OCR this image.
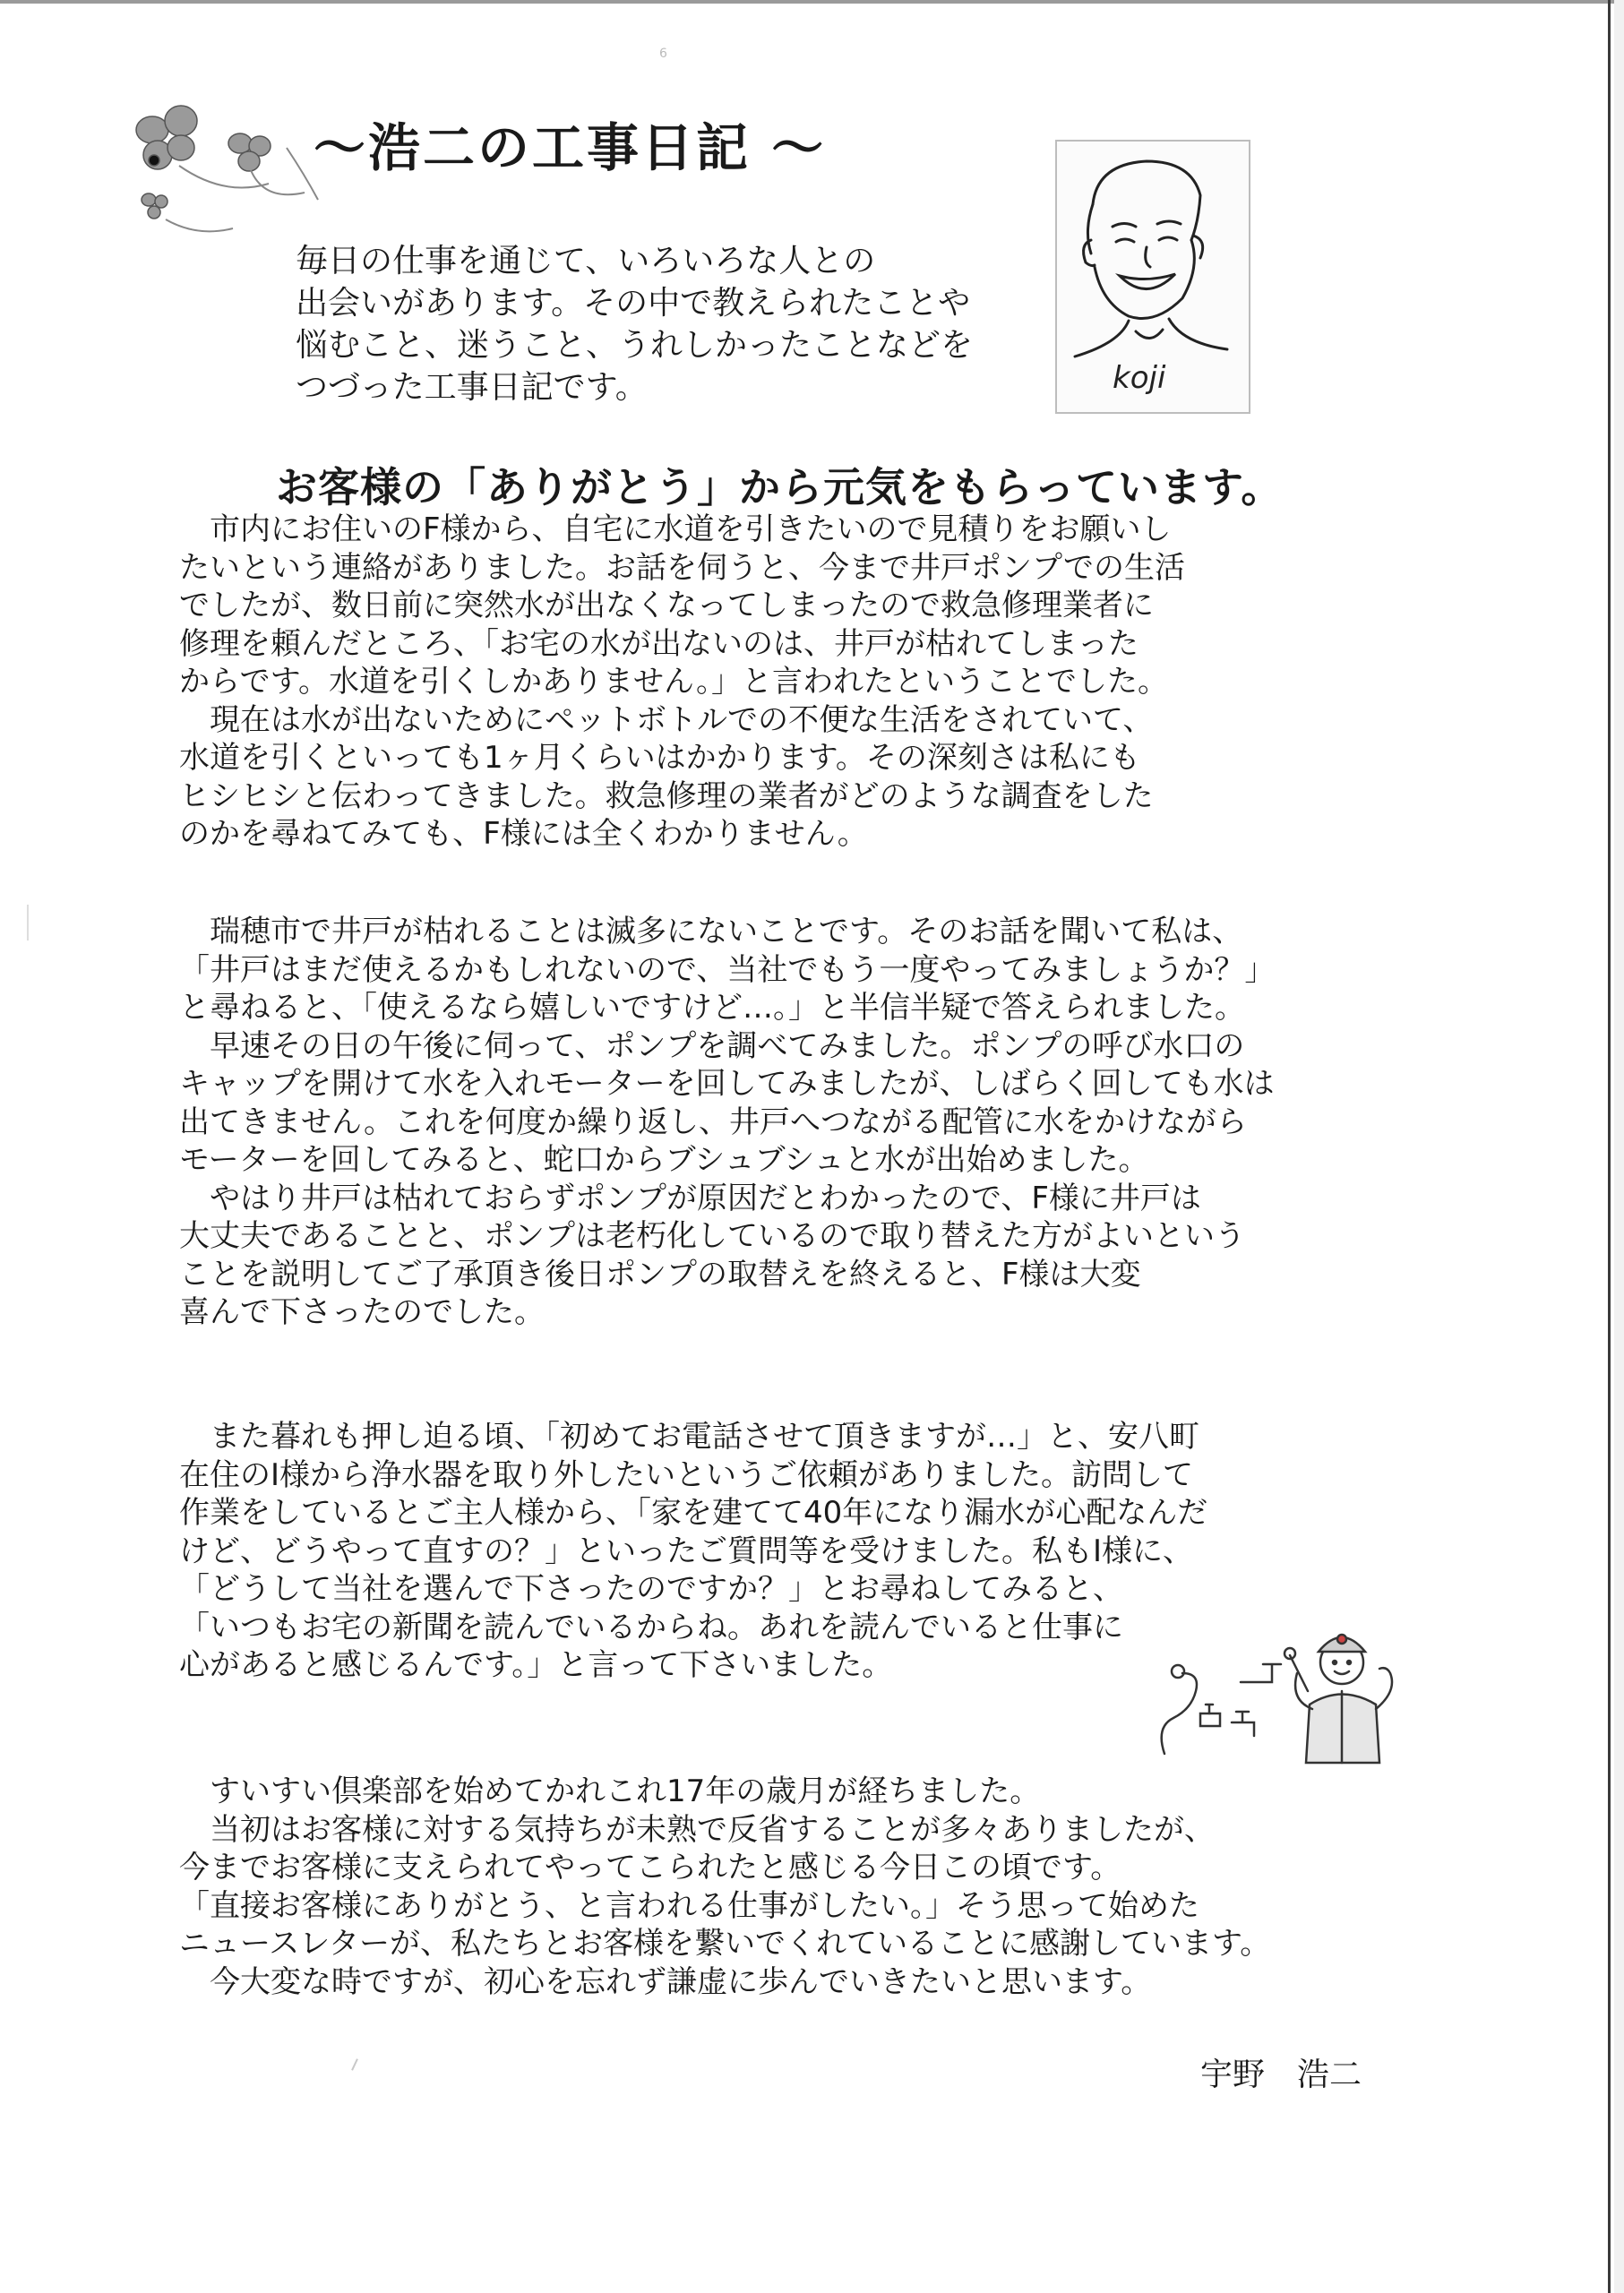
6
～浩二の工事日記 ～

毎日の仕事を通じて、いろいろな人との

出会いがあります。その中で教えられたことや

悩むこと、迷うこと、うれしかったことなどを

つづった工事日記です。	koji
お客様の「ありがとう」から元気をもらっています。

　市内にお住いのF様から、自宅に水道を引きたいので見積りをお願いし

たいという連絡がありました。お話を伺うと、今まで井戸ポンプでの生活

でしたが、数日前に突然水が出なくなってしまったので救急修理業者に

修理を頼んだところ、「お宅の水が出ないのは、井戸が枯れてしまった

からです。水道を引くしかありません。」と言われたということでした。

　現在は水が出ないためにペットボトルでの不便な生活をされていて、

水道を引くといっても1ヶ月くらいはかかります。その深刻さは私にも

ヒシヒシと伝わってきました。救急修理の業者がどのような調査をした

のかを尋ねてみても、F様には全くわかりません。

　瑞穂市で井戸が枯れることは滅多にないことです。そのお話を聞いて私は、

「井戸はまだ使えるかもしれないので、当社でもう一度やってみましょうか？」

と尋ねると、「使えるなら嬉しいですけど…。」と半信半疑で答えられました。

　早速その日の午後に伺って、ポンプを調べてみました。ポンプの呼び水口の

キャップを開けて水を入れモーターを回してみましたが、しばらく回しても水は

出てきません。これを何度か繰り返し、井戸へつながる配管に水をかけながら

モーターを回してみると、蛇口からブシュブシュと水が出始めました。

　やはり井戸は枯れておらずポンプが原因だとわかったので、F様に井戸は

大丈夫であることと、ポンプは老朽化しているので取り替えた方がよいという

ことを説明してご了承頂き後日ポンプの取替えを終えると、F様は大変

喜んで下さったのでした。

　また暮れも押し迫る頃、「初めてお電話させて頂きますが…」と、安八町

在住のI様から浄水器を取り外したいというご依頼がありました。訪問して

作業をしているとご主人様から、「家を建てて40年になり漏水が心配なんだ

けど、どうやって直すの？」といったご質問等を受けました。私もI様に、

「どうして当社を選んで下さったのですか？」とお尋ねしてみると、

「いつもお宅の新聞を読んでいるからね。あれを読んでいると仕事に

心があると感じるんです。」と言って下さいました。

　すいすい倶楽部を始めてかれこれ17年の歳月が経ちました。

　当初はお客様に対する気持ちが未熟で反省することが多々ありましたが、

今までお客様に支えられてやってこられたと感じる今日この頃です。

「直接お客様にありがとう、と言われる仕事がしたい。」そう思って始めた

ニュースレターが、私たちとお客様を繋いでくれていることに感謝しています。

　今大変な時ですが、初心を忘れず謙虚に歩んでいきたいと思います。

宇野　浩二
